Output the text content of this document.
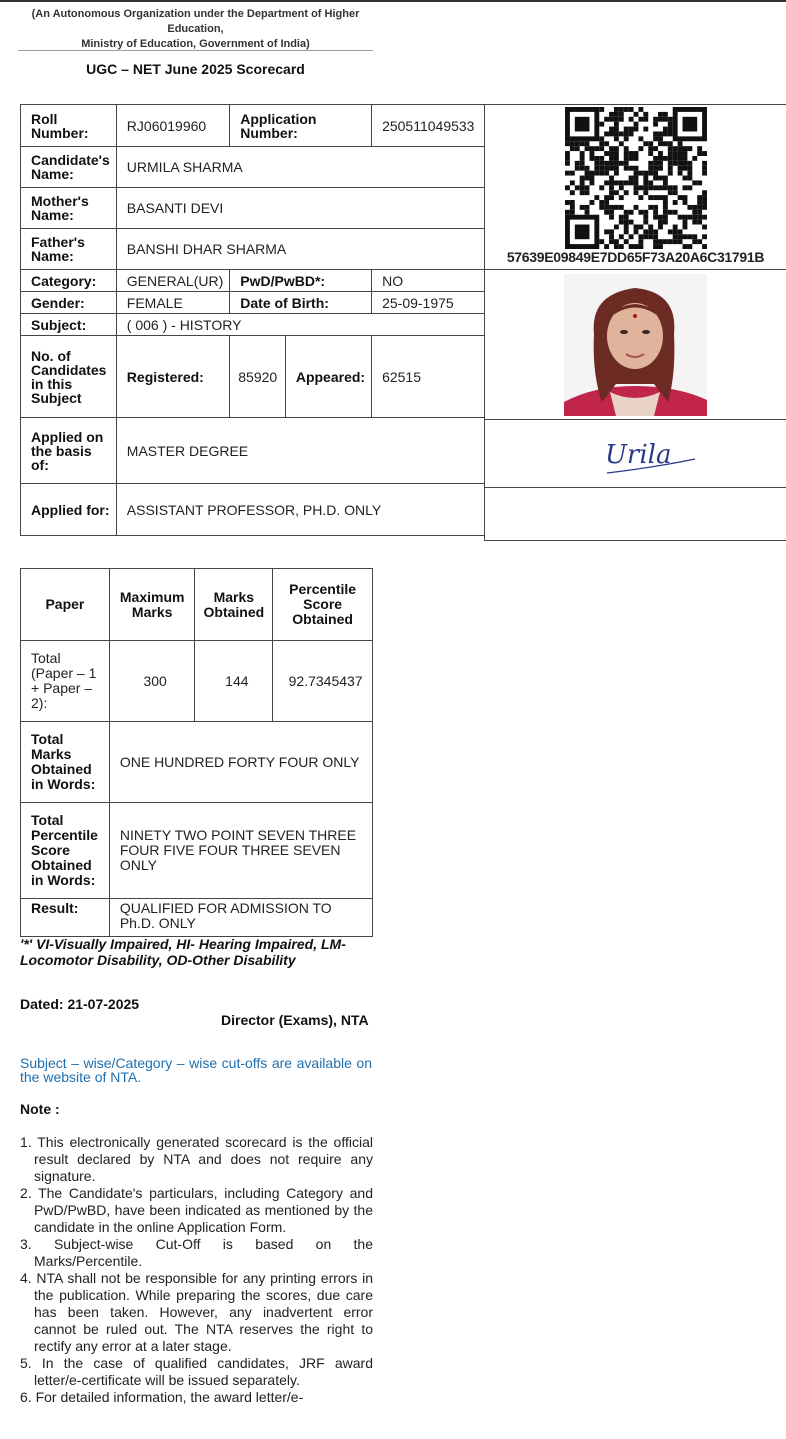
(An Autonomous Organization under the Department of Higher Education,
Ministry of Education, Government of India)
UGC – NET June 2025 Scorecard
Roll Number:	RJ06019960	Application Number:		250511049533
Candidate's Name:	URMILA SHARMA			
Mother's Name:	BASANTI DEVI			
Father's Name:	BANSHI DHAR SHARMA			
Category:	GENERAL(UR)	PwD/PwBD*:		NO
Gender:	FEMALE	Date of Birth:		25-09-1975
Subject:	( 006 ) - HISTORY			
No. of Candidates in this Subject	Registered:	85920	Appeared:	62515
Applied on the basis of:	MASTER DEGREE			
Applied for:	ASSISTANT PROFESSOR, PH.D. ONLY			
57639E09849E7DD65F73A20A6C31791B

Urila

Paper	Maximum Marks	Marks Obtained	Percentile Score Obtained
Total (Paper – 1 + Paper – 2):	300	144	92.7345437
Total Marks Obtained in Words:	ONE HUNDRED FORTY FOUR ONLY		
Total Percentile Score Obtained in Words:	NINETY TWO POINT SEVEN THREE FOUR FIVE FOUR THREE SEVEN ONLY		
Result:	QUALIFIED FOR ADMISSION TO Ph.D. ONLY		
'*' VI-Visually Impaired, HI- Hearing Impaired, LM- Locomotor Disability, OD-Other Disability
Dated: 21-07-2025
Director (Exams), NTA
Subject – wise/Category – wise cut-offs are available on the website of NTA.
Note :
1. This electronically generated scorecard is the official result declared by NTA and does not require any signature.
2. The Candidate's particulars, including Category and PwD/PwBD, have been indicated as mentioned by the candidate in the online Application Form.
3. Subject-wise Cut-Off is based on the Marks/Percentile.
4. NTA shall not be responsible for any printing errors in the publication. While preparing the scores, due care has been taken. However, any inadvertent error cannot be ruled out. The NTA reserves the right to rectify any error at a later stage.
5. In the case of qualified candidates, JRF award letter/e-certificate will be issued separately.
6. For detailed information, the award letter/e-
